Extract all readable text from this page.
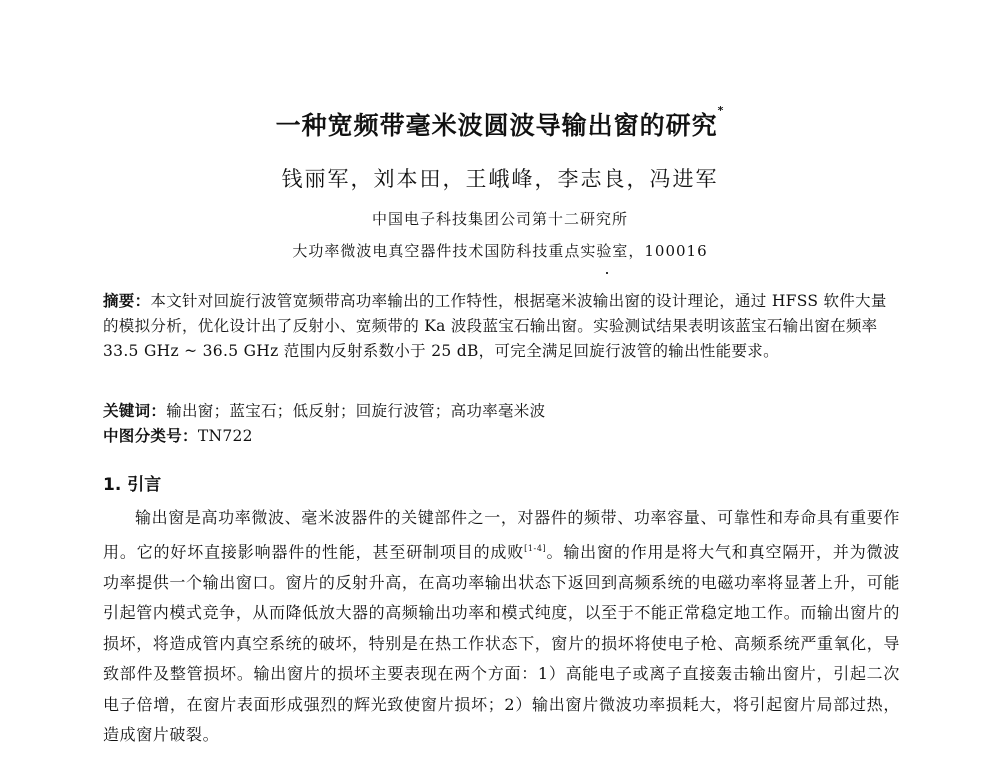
一种宽频带毫米波圆波导输出窗的研究*
钱丽军，刘本田，王峨峰，李志良，冯进军
中国电子科技集团公司第十二研究所
大功率微波电真空器件技术国防科技重点实验室，100016
摘要：本文针对回旋行波管宽频带高功率输出的工作特性，根据毫米波输出窗的设计理论，通过 HFSS 软件大量的模拟分析，优化设计出了反射小、宽频带的 Ka 波段蓝宝石输出窗。实验测试结果表明该蓝宝石输出窗在频率 33.5 GHz ~ 36.5 GHz 范围内反射系数小于 25 dB，可完全满足回旋行波管的输出性能要求。
关键词：输出窗；蓝宝石；低反射；回旋行波管；高功率毫米波
中图分类号：TN722
1. 引言

输出窗是高功率微波、毫米波器件的关键部件之一，对器件的频带、功率容量、可靠性和寿命具有重要作用。它的好坏直接影响器件的性能，甚至研制项目的成败[1-4]。输出窗的作用是将大气和真空隔开，并为微波功率提供一个输出窗口。窗片的反射升高，在高功率输出状态下返回到高频系统的电磁功率将显著上升，可能引起管内模式竞争，从而降低放大器的高频输出功率和模式纯度，以至于不能正常稳定地工作。而输出窗片的损坏，将造成管内真空系统的破坏，特别是在热工作状态下，窗片的损坏将使电子枪、高频系统严重氧化，导致部件及整管损坏。输出窗片的损坏主要表现在两个方面：1）高能电子或离子直接轰击输出窗片，引起二次电子倍增，在窗片表面形成强烈的辉光致使窗片损坏；2）输出窗片微波功率损耗大，将引起窗片局部过热，造成窗片破裂。
